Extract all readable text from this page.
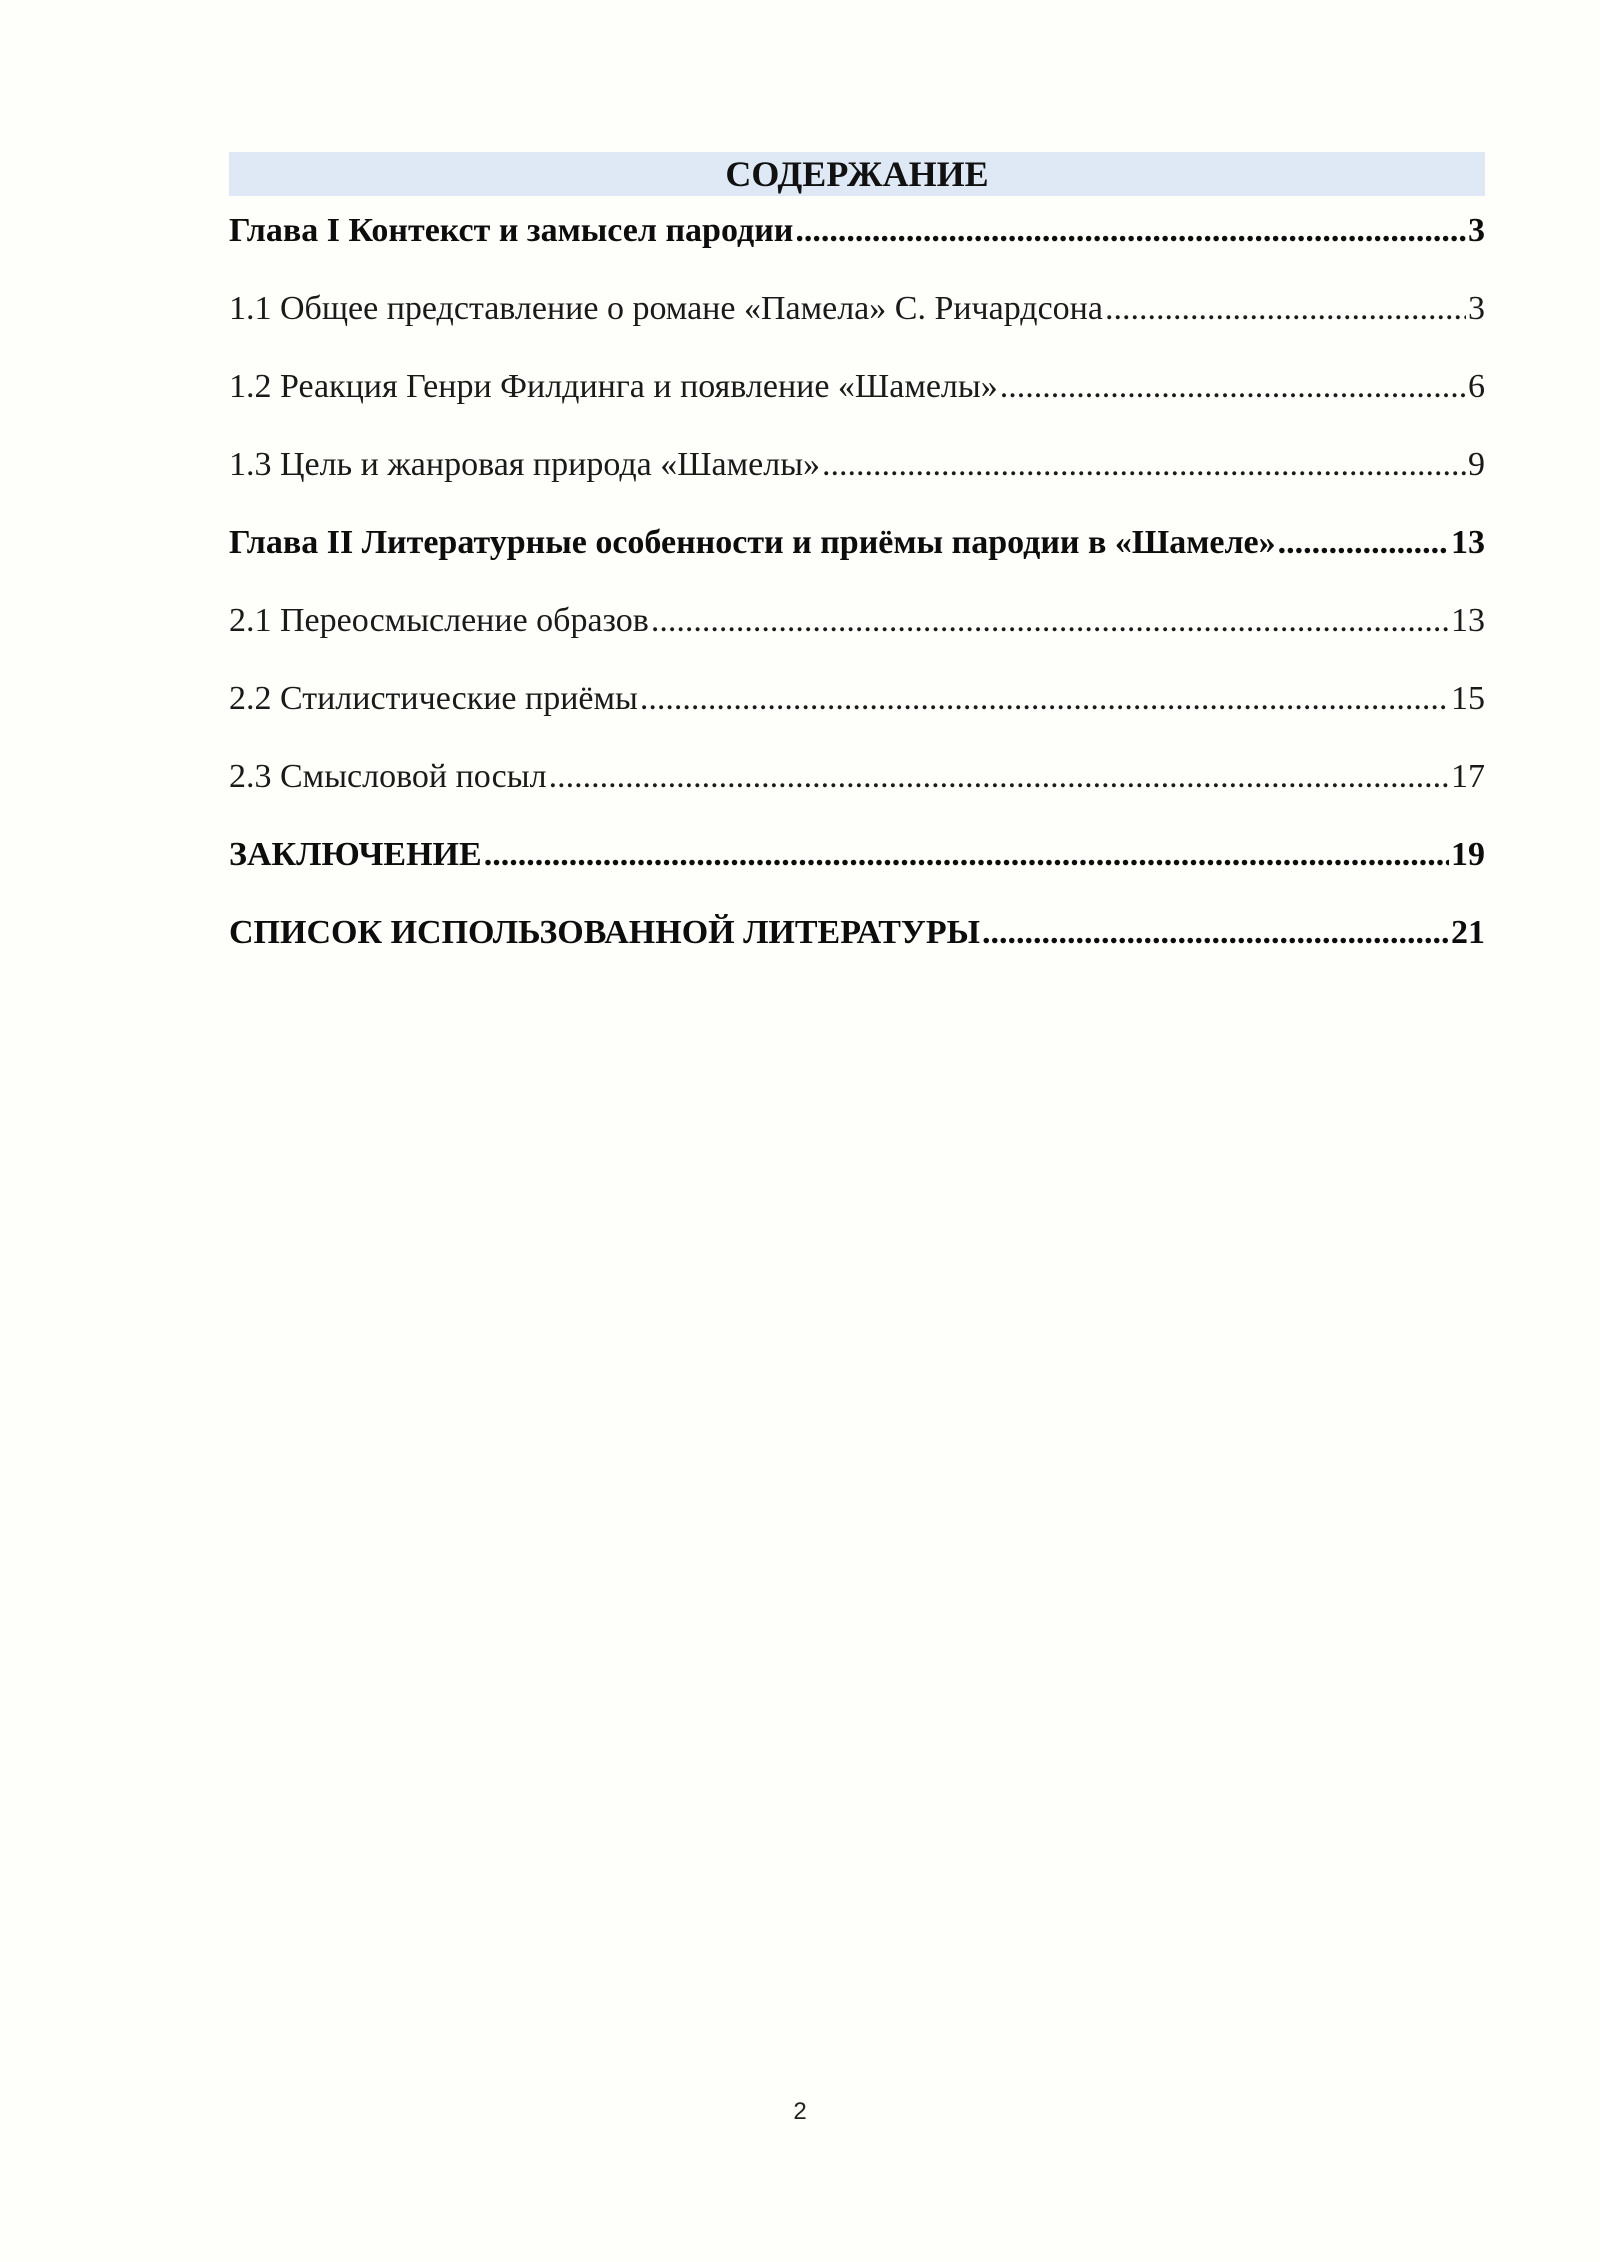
СОДЕРЖАНИЕ
Глава I Контекст и замысел пародии .....	3
1.1 Общее представление о романе «Памела» С. Ричардсона .....	3
1.2 Реакция Генри Филдинга и появление «Шамелы» .....	6
1.3 Цель и жанровая природа «Шамелы» .....	9
Глава II Литературные особенности и приёмы пародии в «Шамеле» .....	13
2.1 Переосмысление образов .....	13
2.2 Стилистические приёмы .....	15
2.3 Смысловой посыл .....	17
ЗАКЛЮЧЕНИЕ .....	19
СПИСОК ИСПОЛЬЗОВАННОЙ ЛИТЕРАТУРЫ .....	21
2
